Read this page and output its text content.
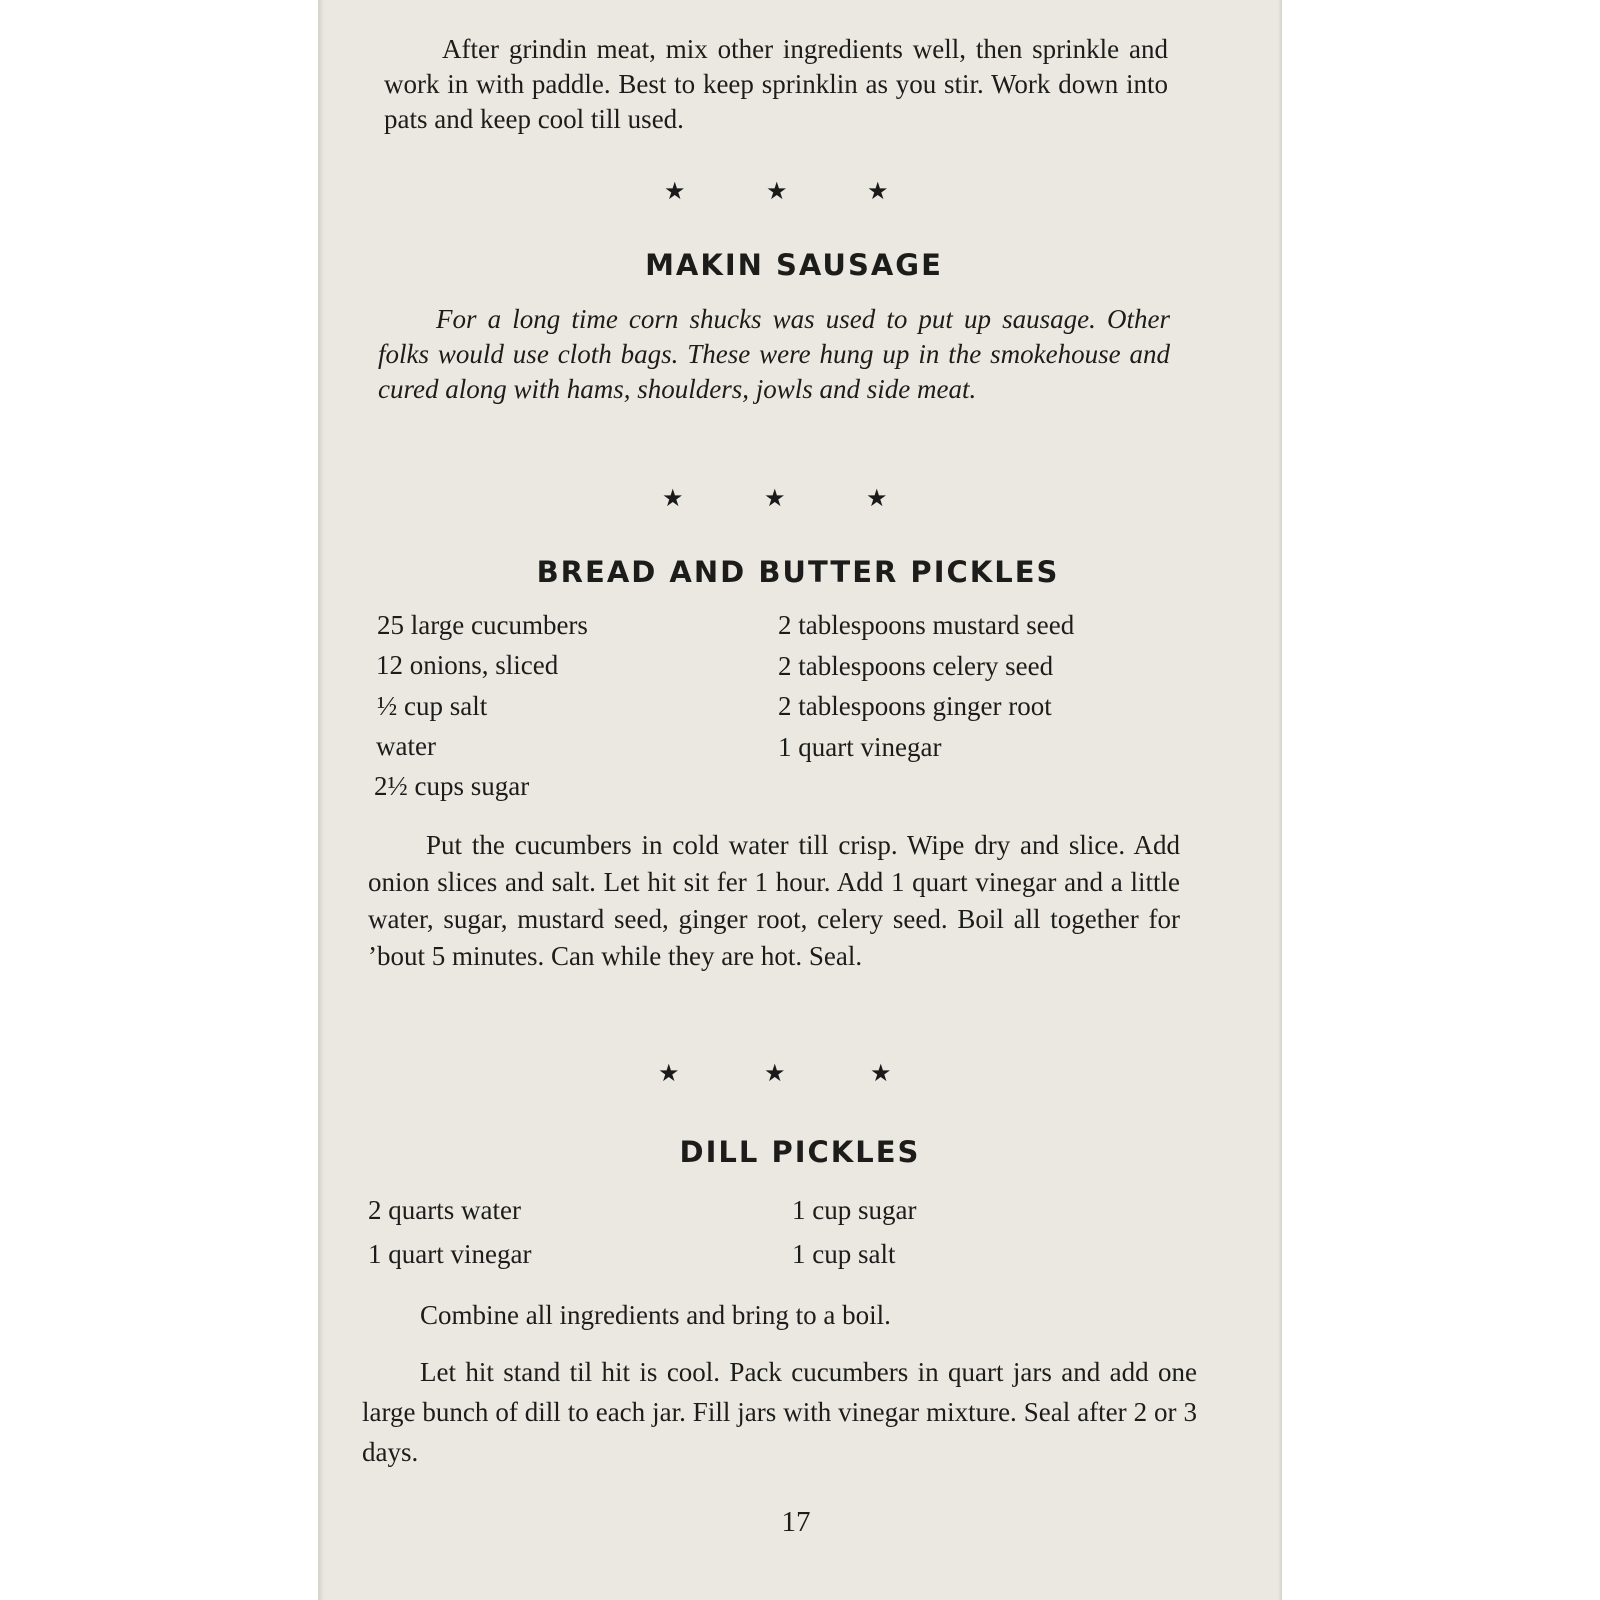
After grindin meat, mix other ingredients well, then sprinkle and work in with paddle. Best to keep sprinklin as you stir. Work down into pats and keep cool till used.

★	★	★
MAKIN SAUSAGE

For a long time corn shucks was used to put up sausage. Other folks would use cloth bags. These were hung up in the smokehouse and cured along with hams, shoulders, jowls and side meat.

★	★	★
BREAD AND BUTTER PICKLES
25 large cucumbers
12 onions, sliced
½ cup salt
water
2½ cups sugar
2 tablespoons mustard seed
2 tablespoons celery seed
2 tablespoons ginger root
1 quart vinegar

Put the cucumbers in cold water till crisp. Wipe dry and slice. Add onion slices and salt. Let hit sit fer 1 hour. Add 1 quart vinegar and a little water, sugar, mustard seed, ginger root, celery seed. Boil all together for ’bout 5 minutes. Can while they are hot. Seal.

★	★	★
DILL PICKLES
2 quarts water
1 quart vinegar
1 cup sugar
1 cup salt

Combine all ingredients and bring to a boil.

Let hit stand til hit is cool. Pack cucumbers in quart jars and add one large bunch of dill to each jar. Fill jars with vinegar mixture. Seal after 2 or 3 days.

17
